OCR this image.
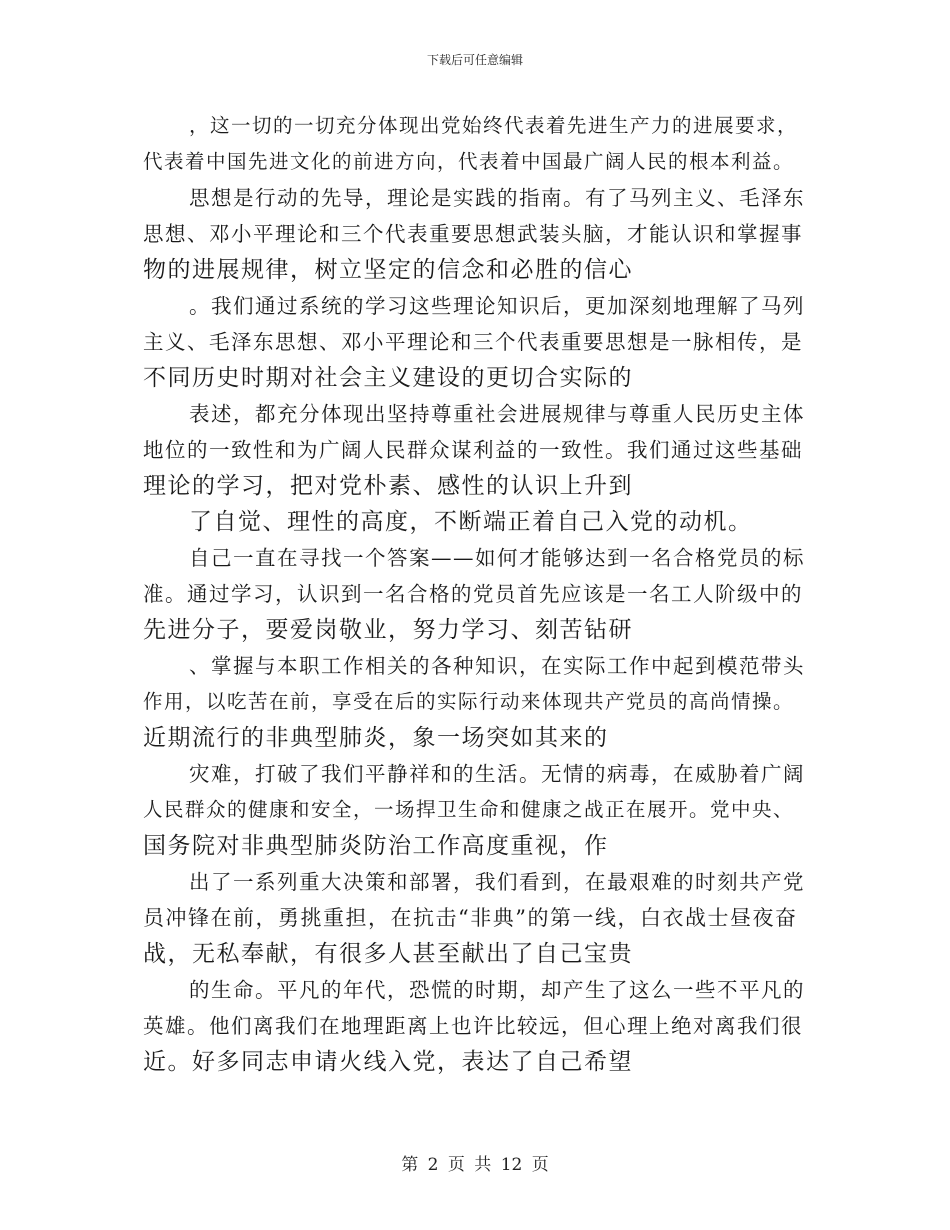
下载后可任意编辑
，这一切的一切充分体现出党始终代表着先进生产力的进展要求，
代表着中国先进文化的前进方向，代表着中国最广阔人民的根本利益。
思想是行动的先导，理论是实践的指南。有了马列主义、毛泽东
思想、邓小平理论和三个代表重要思想武装头脑，才能认识和掌握事
物的进展规律，树立坚定的信念和必胜的信心
。我们通过系统的学习这些理论知识后，更加深刻地理解了马列
主义、毛泽东思想、邓小平理论和三个代表重要思想是一脉相传，是
不同历史时期对社会主义建设的更切合实际的
表述，都充分体现出坚持尊重社会进展规律与尊重人民历史主体
地位的一致性和为广阔人民群众谋利益的一致性。我们通过这些基础
理论的学习，把对党朴素、感性的认识上升到
了自觉、理性的高度，不断端正着自己入党的动机。
自己一直在寻找一个答案——如何才能够达到一名合格党员的标
准。通过学习，认识到一名合格的党员首先应该是一名工人阶级中的
先进分子，要爱岗敬业，努力学习、刻苦钻研
、掌握与本职工作相关的各种知识，在实际工作中起到模范带头
作用，以吃苦在前，享受在后的实际行动来体现共产党员的高尚情操。
近期流行的非典型肺炎，象一场突如其来的
灾难，打破了我们平静祥和的生活。无情的病毒，在威胁着广阔
人民群众的健康和安全，一场捍卫生命和健康之战正在展开。党中央、
国务院对非典型肺炎防治工作高度重视，作
出了一系列重大决策和部署，我们看到，在最艰难的时刻共产党
员冲锋在前，勇挑重担，在抗击“非典”的第一线，白衣战士昼夜奋
战，无私奉献，有很多人甚至献出了自己宝贵
的生命。平凡的年代，恐慌的时期，却产生了这么一些不平凡的
英雄。他们离我们在地理距离上也许比较远，但心理上绝对离我们很
近。好多同志申请火线入党，表达了自己希望
第 2 页 共 12 页
